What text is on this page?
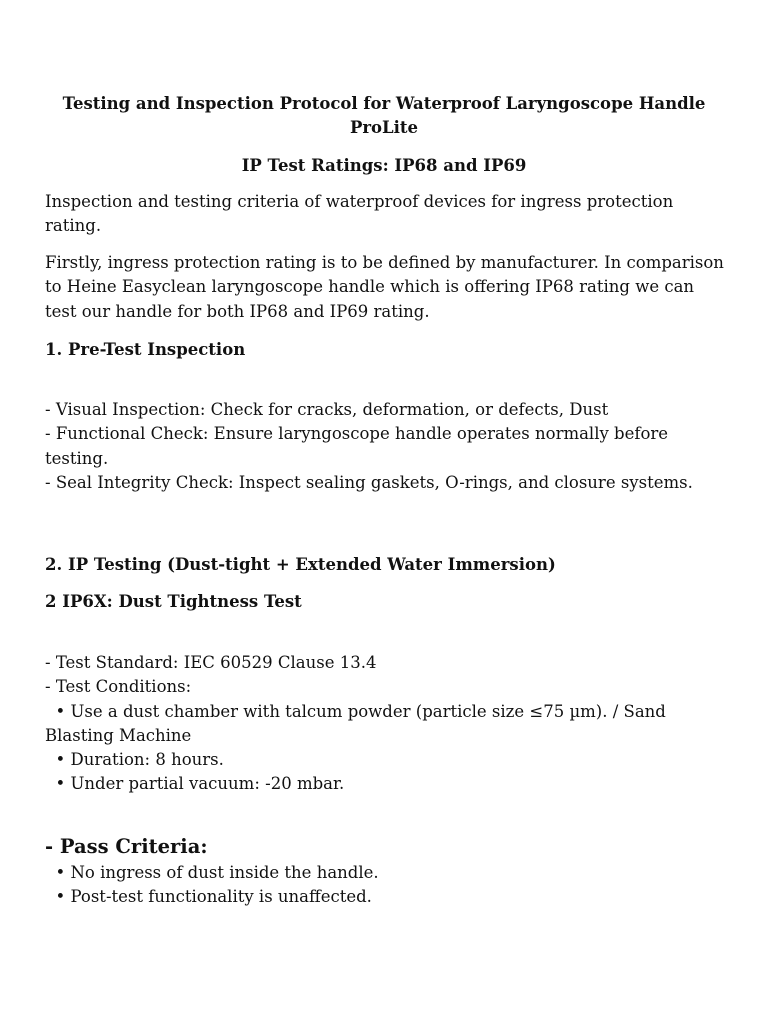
Testing and Inspection Protocol for Waterproof Laryngoscope Handle ProLite
IP Test Ratings: IP68 and IP69
Inspection and testing criteria of waterproof devices for ingress protection rating.
Firstly, ingress protection rating is to be defined by manufacturer. In comparison to Heine Easyclean laryngoscope handle which is offering IP68 rating we can test our handle for both IP68 and IP69 rating.
1. Pre-Test Inspection
- Visual Inspection: Check for cracks, deformation, or defects, Dust
- Functional Check: Ensure laryngoscope handle operates normally before testing.
- Seal Integrity Check: Inspect sealing gaskets, O-rings, and closure systems.
2. IP Testing (Dust-tight + Extended Water Immersion)
2 IP6X: Dust Tightness Test
- Test Standard: IEC 60529 Clause 13.4
- Test Conditions:
• Use a dust chamber with talcum powder (particle size ≤75 µm). / Sand Blasting Machine
• Duration: 8 hours.
• Under partial vacuum: -20 mbar.
- Pass Criteria:
• No ingress of dust inside the handle.
• Post-test functionality is unaffected.
